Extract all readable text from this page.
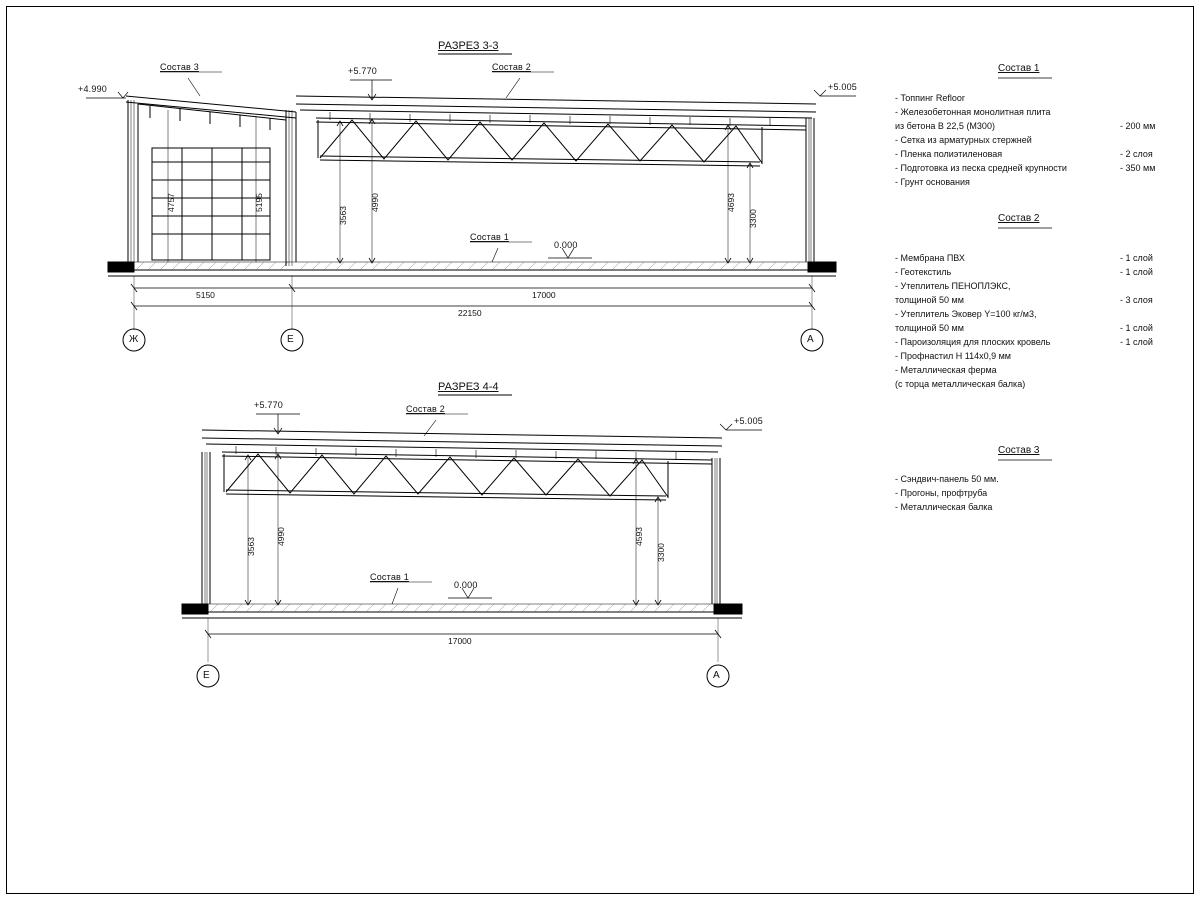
РАЗРЕЗ 3-3
+4.990
+5.770
+5.005
0.000
Состав 3	Состав 2
Состав 1
4757	5195
3563
4990	4693
3300
5150	17000
22150
Ж	Е	А
РАЗРЕЗ 4-4
+5.770
+5.005
0.000
Состав 2
Состав 1
3563
4990	4593
3300
17000
Е	А
Состав 1
- Топпинг Refloor
- Железобетонная монолитная плита
из бетона В 22,5 (М300)	- 200 мм
- Сетка из арматурных стержней
- Пленка полиэтиленовая	- 2 слоя
- Подготовка из песка средней крупности	- 350 мм
- Грунт основания
Состав 2
- Мембрана ПВХ	- 1 слой
- Геотекстиль	- 1 слой
- Утеплитель ПЕНОПЛЭКС,
толщиной 50 мм	- 3 слоя
- Утеплитель Эковер Y=100 кг/м3,
толщиной 50 мм	- 1 слой
- Пароизоляция для плоских кровель	- 1 слой
- Профнастил Н 114х0,9 мм
- Металлическая ферма
(с торца металлическая балка)
Состав 3
- Сэндвич-панель 50 мм.
- Прогоны, профтруба
- Металлическая балка
